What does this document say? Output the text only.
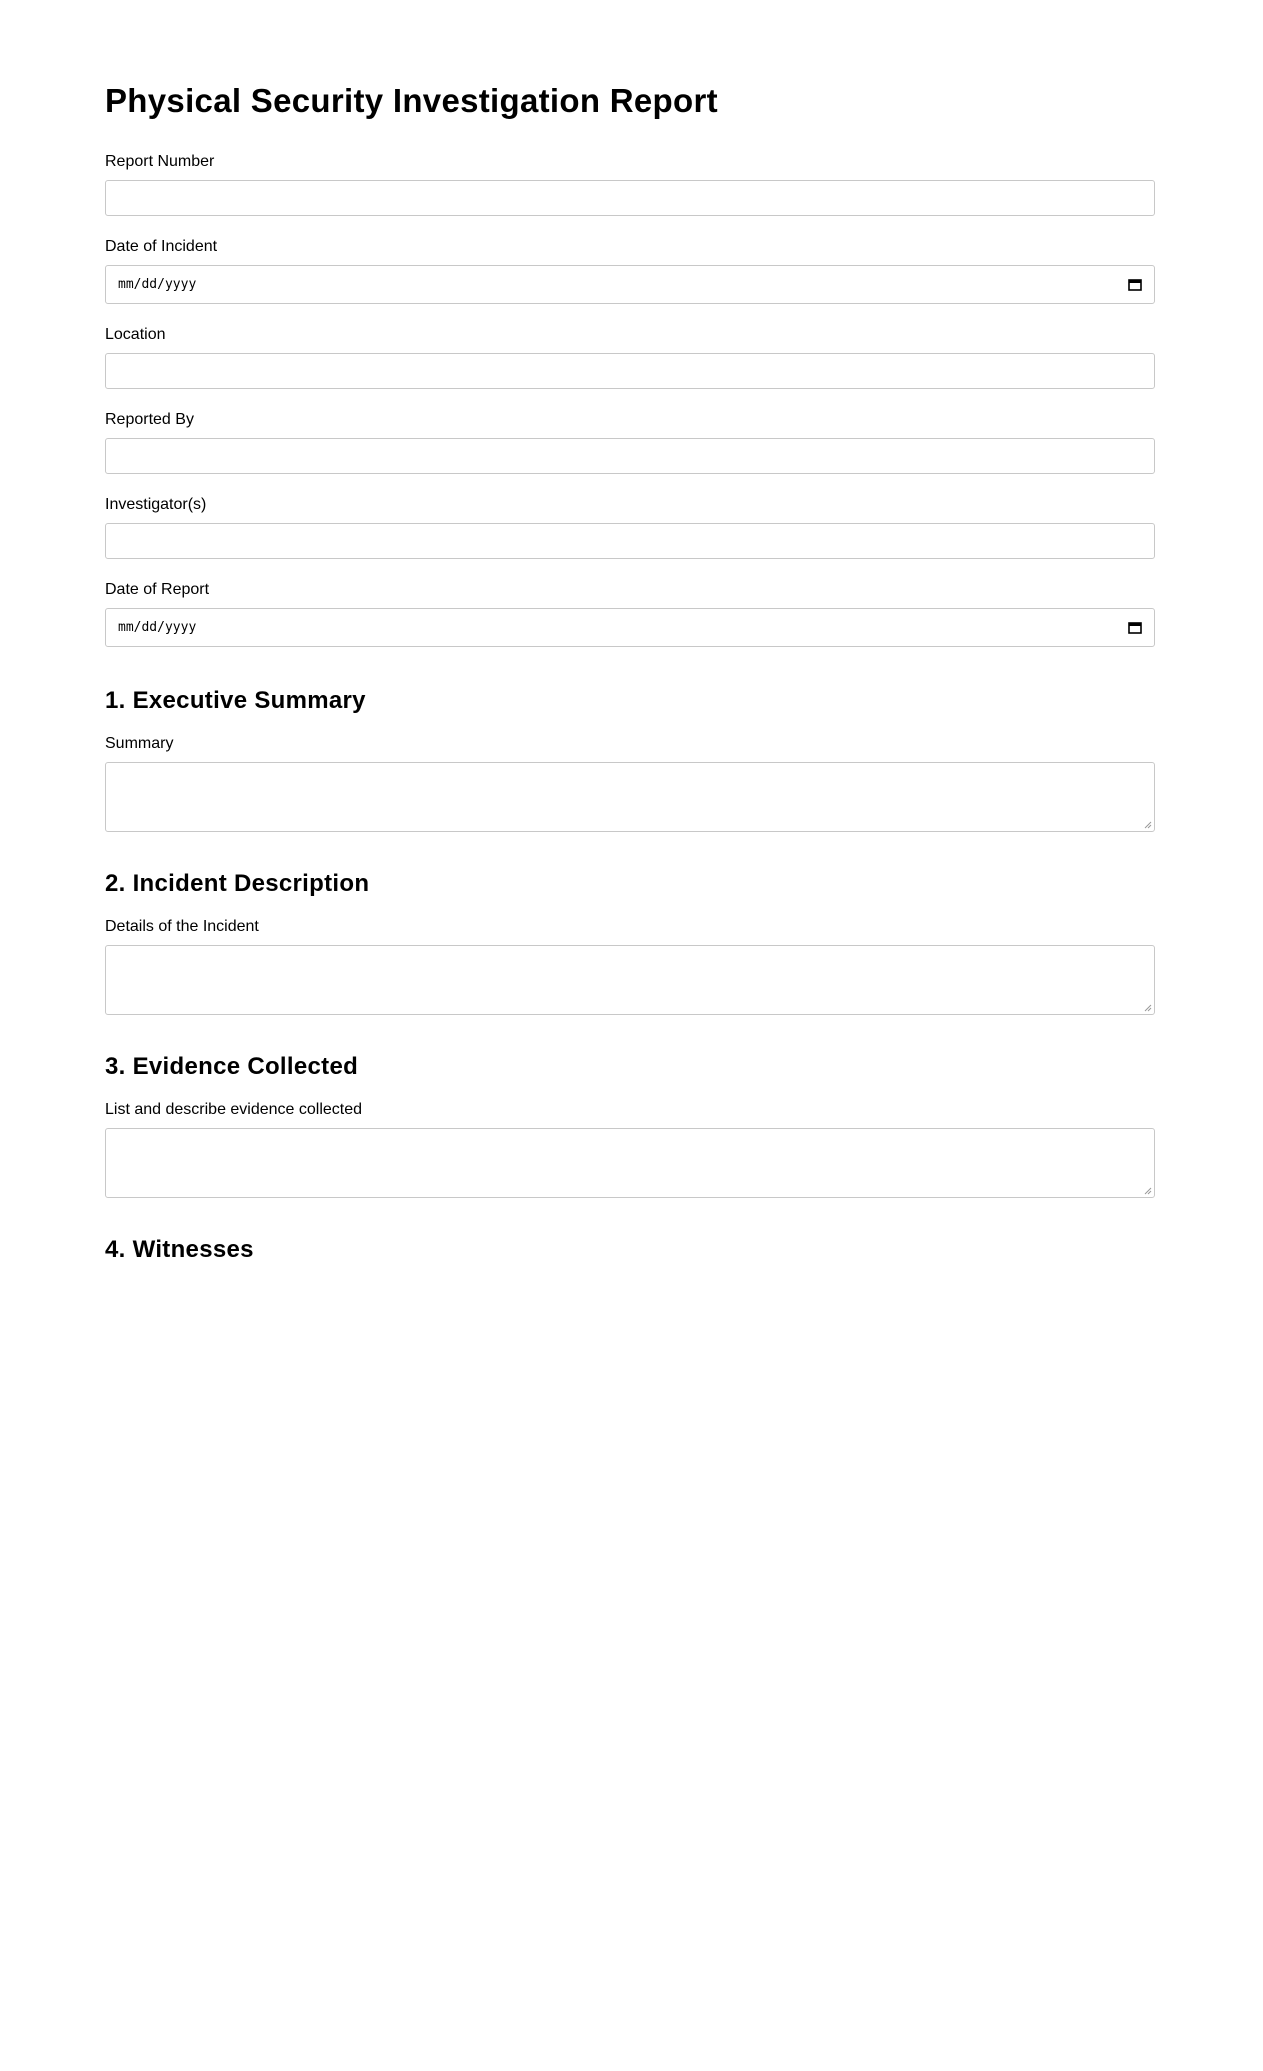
Physical Security Investigation Report
Report Number
Date of Incident
mm/dd/yyyy
Location
Reported By
Investigator(s)
Date of Report
mm/dd/yyyy
1. Executive Summary
Summary
2. Incident Description
Details of the Incident
3. Evidence Collected
List and describe evidence collected
4. Witnesses
